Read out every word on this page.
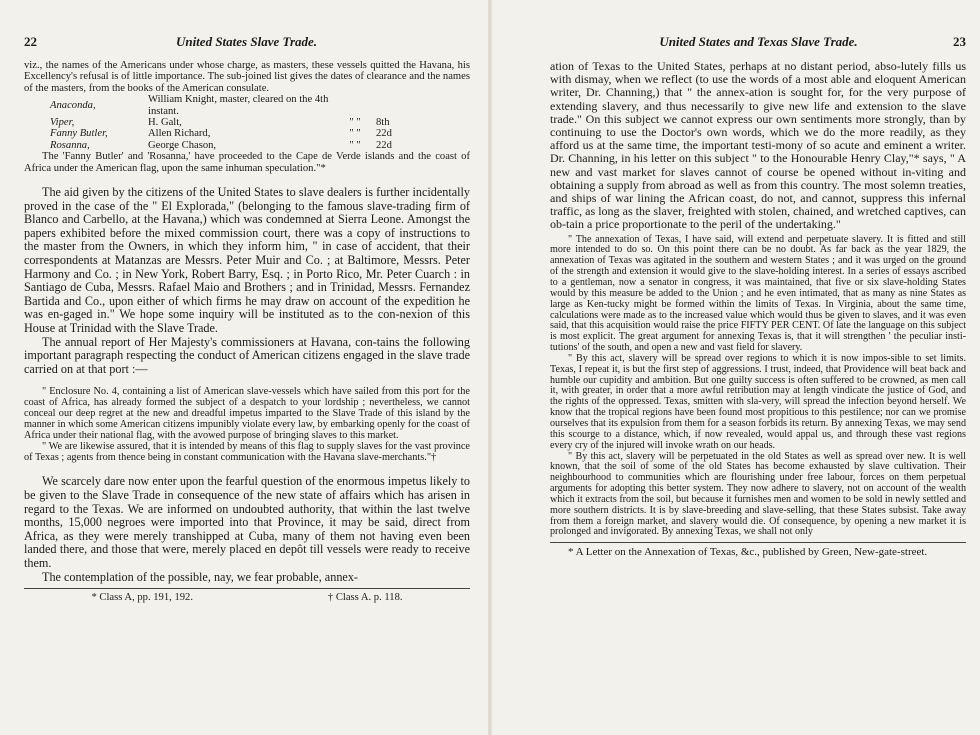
22	United States Slave Trade.

viz., the names of the Americans under whose charge, as masters, these vessels quitted the Havana, his Excellency's refusal is of little importance. The sub-joined list gives the dates of clearance and the names of the masters, from the books of the American consulate.

Anaconda,	William Knight, master, cleared on the 4th instant.		
Viper,	H. Galt,	" "	8th
Fanny Butler,	Allen Richard,	" "	22d
Rosanna,	George Chason,	" "	22d

The 'Fanny Butler' and 'Rosanna,' have proceeded to the Cape de Verde islands and the coast of Africa under the American flag, upon the same inhuman speculation."*

The aid given by the citizens of the United States to slave dealers is further incidentally proved in the case of the " El Explorada," (belonging to the famous slave-trading firm of Blanco and Carbello, at the Havana,) which was condemned at Sierra Leone. Amongst the papers exhibited before the mixed commission court, there was a copy of instructions to the master from the Owners, in which they inform him, " in case of accident, that their correspondents at Matanzas are Messrs. Peter Muir and Co. ; at Baltimore, Messrs. Peter Harmony and Co. ; in New York, Robert Barry, Esq. ; in Porto Rico, Mr. Peter Cuarch : in Santiago de Cuba, Messrs. Rafael Maio and Brothers ; and in Trinidad, Messrs. Fernandez Bartida and Co., upon either of which firms he may draw on account of the expedition he was en-gaged in." We hope some inquiry will be instituted as to the con-nexion of this House at Trinidad with the Slave Trade.

The annual report of Her Majesty's commissioners at Havana, con-tains the following important paragraph respecting the conduct of American citizens engaged in the slave trade carried on at that port :—

" Enclosure No. 4, containing a list of American slave-vessels which have sailed from this port for the coast of Africa, has already formed the subject of a despatch to your lordship ; nevertheless, we cannot conceal our deep regret at the new and dreadful impetus imparted to the Slave Trade of this island by the manner in which some American citizens impunibly violate every law, by embarking openly for the coast of Africa under their national flag, with the avowed purpose of bringing slaves to this market.

" We are likewise assured, that it is intended by means of this flag to supply slaves for the vast province of Texas ; agents from thence being in constant communication with the Havana slave-merchants."†

We scarcely dare now enter upon the fearful question of the enormous impetus likely to be given to the Slave Trade in consequence of the new state of affairs which has arisen in regard to the Texas. We are informed on undoubted authority, that within the last twelve months, 15,000 negroes were imported into that Province, it may be said, direct from Africa, as they were merely transhipped at Cuba, many of them not having even been landed there, and those that were, merely placed en depôt till vessels were ready to receive them.

The contemplation of the possible, nay, we fear probable, annex-

* Class A, pp. 191, 192.	† Class A. p. 118.
United States and Texas Slave Trade.	23

ation of Texas to the United States, perhaps at no distant period, abso-lutely fills us with dismay, when we reflect (to use the words of a most able and eloquent American writer, Dr. Channing,) that " the annex-ation is sought for, for the very purpose of extending slavery, and thus necessarily to give new life and extension to the slave trade." On this subject we cannot express our own sentiments more strongly, than by continuing to use the Doctor's own words, which we do the more readily, as they afford us at the same time, the important testi-mony of so acute and eminent a writer. Dr. Channing, in his letter on this subject " to the Honourable Henry Clay,"* says, " A new and vast market for slaves cannot of course be opened without in-viting and obtaining a supply from abroad as well as from this country. The most solemn treaties, and ships of war lining the African coast, do not, and cannot, suppress this infernal traffic, as long as the slaver, freighted with stolen, chained, and wretched captives, can ob-tain a price proportionate to the peril of the undertaking."

" The annexation of Texas, I have said, will extend and perpetuate slavery. It is fitted and still more intended to do so. On this point there can be no doubt. As far back as the year 1829, the annexation of Texas was agitated in the southern and western States ; and it was urged on the ground of the strength and extension it would give to the slave-holding interest. In a series of essays ascribed to a gentleman, now a senator in congress, it was maintained, that five or six slave-holding States would by this measure be added to the Union ; and he even intimated, that as many as nine States as large as Ken-tucky might be formed within the limits of Texas. In Virginia, about the same time, calculations were made as to the increased value which would thus be given to slaves, and it was even said, that this acquisition would raise the price FIFTY PER CENT. Of late the language on this subject is most explicit. The great argument for annexing Texas is, that it will strengthen ' the peculiar insti-tutions' of the south, and open a new and vast field for slavery.

" By this act, slavery will be spread over regions to which it is now impos-sible to set limits. Texas, I repeat it, is but the first step of aggressions. I trust, indeed, that Providence will beat back and humble our cupidity and ambition. But one guilty success is often suffered to be crowned, as men call it, with greater, in order that a more awful retribution may at length vindicate the justice of God, and the rights of the oppressed. Texas, smitten with sla-very, will spread the infection beyond herself. We know that the tropical regions have been found most propitious to this pestilence; nor can we promise ourselves that its expulsion from them for a season forbids its return. By annexing Texas, we may send this scourge to a distance, which, if now revealed, would appal us, and through these vast regions every cry of the injured will invoke wrath on our heads.

" By this act, slavery will be perpetuated in the old States as well as spread over new. It is well known, that the soil of some of the old States has become exhausted by slave cultivation. Their neighbourhood to communities which are flourishing under free labour, forces on them perpetual arguments for adopting this better system. They now adhere to slavery, not on account of the wealth which it extracts from the soil, but because it furnishes men and women to be sold in newly settled and more southern districts. It is by slave-breeding and slave-selling, that these States subsist. Take away from them a foreign market, and slavery would die. Of consequence, by opening a new market it is prolonged and invigorated. By annexing Texas, we shall not only

* A Letter on the Annexation of Texas, &c., published by Green, New-gate-street.
